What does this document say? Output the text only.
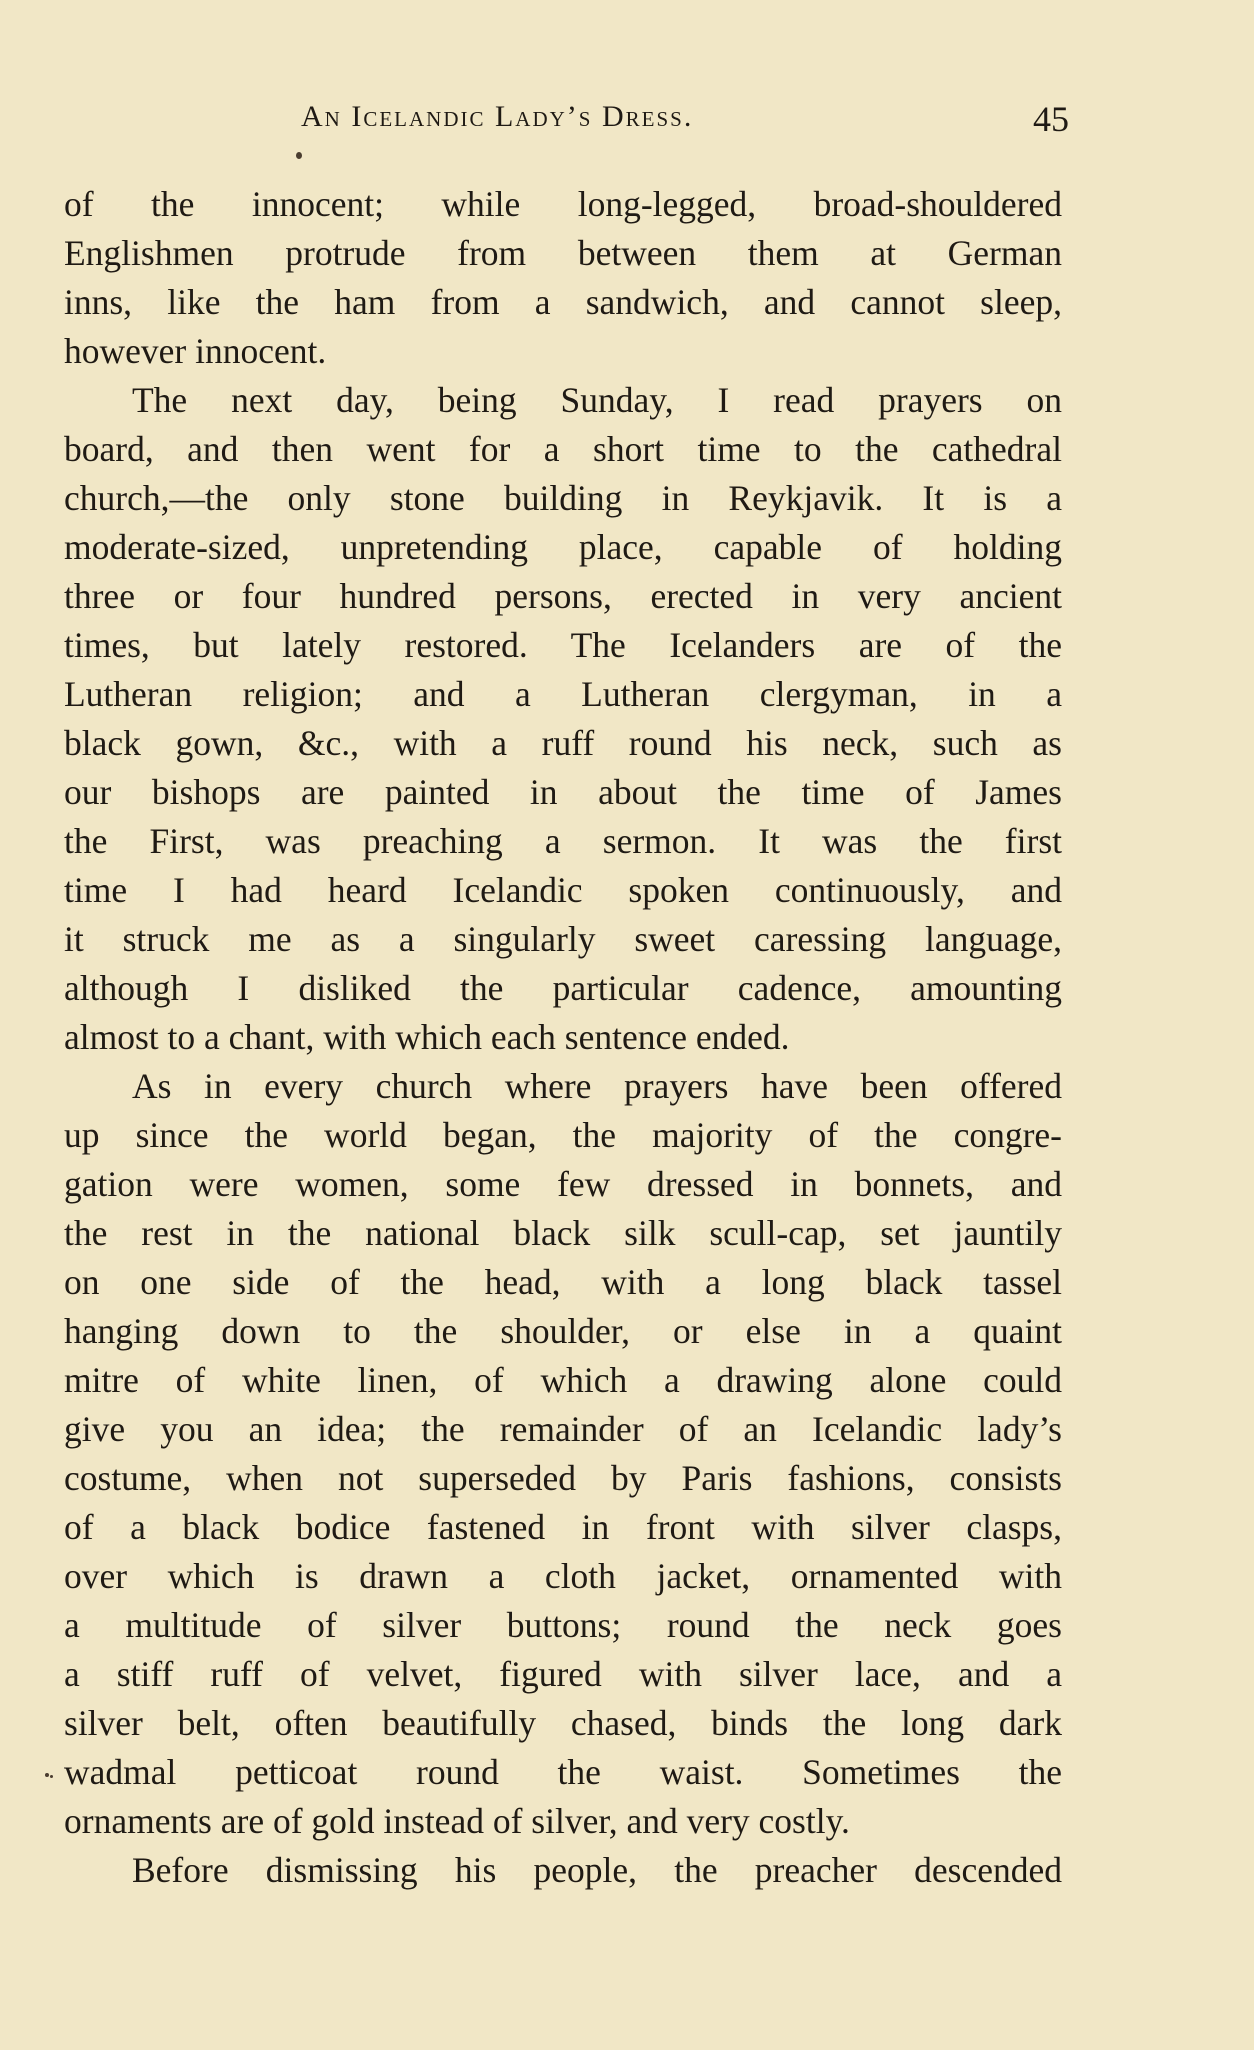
An Icelandic Lady’s Dress.	45
of the innocent; while long-legged, broad-shouldered
Englishmen protrude from between them at German
inns, like the ham from a sandwich, and cannot sleep,
however innocent.
The next day, being Sunday, I read prayers on
board, and then went for a short time to the cathedral
church,—the only stone building in Reykjavik. It is a
moderate-sized, unpretending place, capable of holding
three or four hundred persons, erected in very ancient
times, but lately restored. The Icelanders are of the
Lutheran religion; and a Lutheran clergyman, in a
black gown, &c., with a ruff round his neck, such as
our bishops are painted in about the time of James
the First, was preaching a sermon. It was the first
time I had heard Icelandic spoken continuously, and
it struck me as a singularly sweet caressing language,
although I disliked the particular cadence, amounting
almost to a chant, with which each sentence ended.
As in every church where prayers have been offered
up since the world began, the majority of the congre-
gation were women, some few dressed in bonnets, and
the rest in the national black silk scull-cap, set jauntily
on one side of the head, with a long black tassel
hanging down to the shoulder, or else in a quaint
mitre of white linen, of which a drawing alone could
give you an idea; the remainder of an Icelandic lady’s
costume, when not superseded by Paris fashions, consists
of a black bodice fastened in front with silver clasps,
over which is drawn a cloth jacket, ornamented with
a multitude of silver buttons; round the neck goes
a stiff ruff of velvet, figured with silver lace, and a
silver belt, often beautifully chased, binds the long dark
wadmal petticoat round the waist. Sometimes the
ornaments are of gold instead of silver, and very costly.
Before dismissing his people, the preacher descended
